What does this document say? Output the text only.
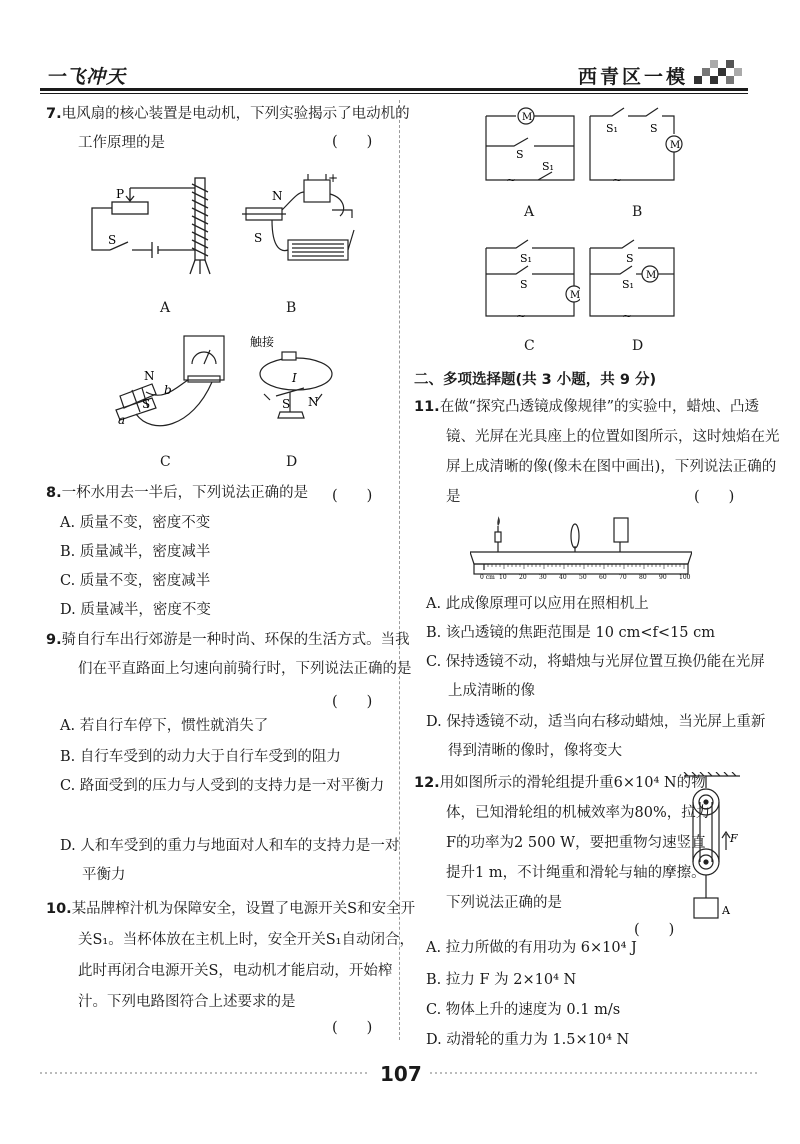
一飞冲天	西青区一模
7.电风扇的核心装置是电动机，下列实验揭示了电动机的工作原理的是	(　　)
P
S
A
N
+
S
B
N
b
S
a
C
触接
I
S N
D
8.一杯水用去一半后，下列说法正确的是	(　　)
A. 质量不变，密度不变
B. 质量减半，密度减半
C. 质量不变，密度减半
D. 质量减半，密度不变
9.骑自行车出行郊游是一种时尚、环保的生活方式。当我们在平直路面上匀速向前骑行时，下列说法正确的是
(　　)
A. 若自行车停下，惯性就消失了
B. 自行车受到的动力大于自行车受到的阻力
C. 路面受到的压力与人受到的支持力是一对平衡力
D. 人和车受到的重力与地面对人和车的支持力是一对平衡力
10.某品牌榨汁机为保障安全，设置了电源开关S和安全开关S₁。当杯体放在主机上时，安全开关S₁自动闭合，此时再闭合电源开关S，电动机才能启动，开始榨汁。下列电路图符合上述要求的是
(　　)
M
S
S₁
~
A
S₁	S
M
~
B
S₁
S
M
~
C
S
S₁
M
~
D
二、多项选择题(共 3 小题，共 9 分)
11.在做“探究凸透镜成像规律”的实验中，蜡烛、凸透镜、光屏在光具座上的位置如图所示，这时烛焰在光屏上成清晰的像(像未在图中画出)，下列说法正确的是	(　　)
0 cm 10 20 30 40 50 60 70 80 90 100
A. 此成像原理可以应用在照相机上
B. 该凸透镜的焦距范围是 10 cm<f<15 cm
C. 保持透镜不动，将蜡烛与光屏位置互换仍能在光屏上成清晰的像
D. 保持透镜不动，适当向右移动蜡烛，当光屏上重新得到清晰的像时，像将变大
12.用如图所示的滑轮组提升重6×10⁴ N的物体，已知滑轮组的机械效率为80%，拉力F的功率为2 500 W，要把重物匀速竖直提升1 m，不计绳重和滑轮与轴的摩擦。下列说法正确的是
(　　)
F
A
A. 拉力所做的有用功为 6×10⁴ J
B. 拉力 F 为 2×10⁴ N
C. 物体上升的速度为 0.1 m/s
D. 动滑轮的重力为 1.5×10⁴ N
107
